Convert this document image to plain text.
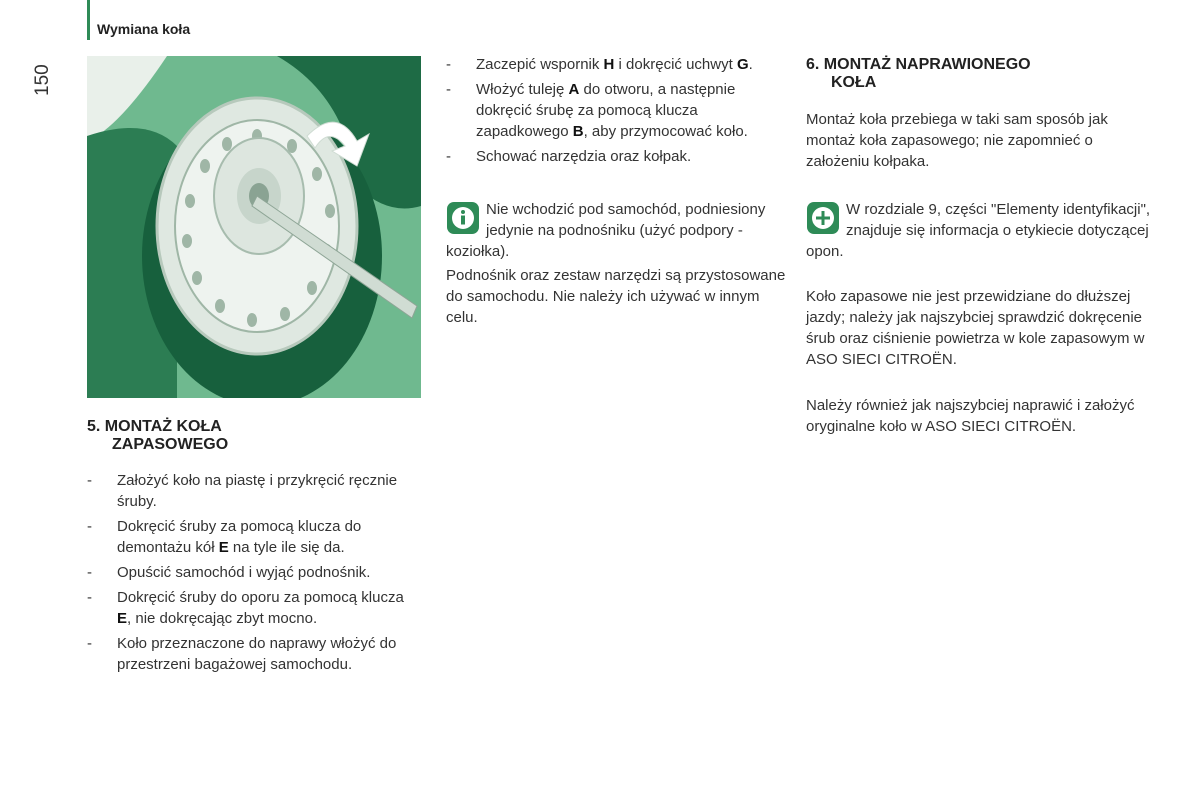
Wymiana koła
150
5. MONTAŻ KOŁA
ZAPASOWEGO
- Założyć koło na piastę i przykręcić ręcznie śruby.
- Dokręcić śruby za pomocą klucza do demontażu kół E na tyle ile się da.
- Opuścić samochód i wyjąć podnośnik.
- Dokręcić śruby do oporu za pomocą klucza E, nie dokręcając zbyt mocno.
- Koło przeznaczone do naprawy włożyć do przestrzeni bagażowej samochodu.
- Zaczepić wspornik H i dokręcić uchwyt G.
- Włożyć tuleję A do otworu, a następnie dokręcić śrubę za pomocą klucza zapadkowego B, aby przymocować koło.
- Schować narzędzia oraz kołpak.
Nie wchodzić pod samochód, podniesiony jedynie na podnośniku (użyć podpory - koziołka).

Podnośnik oraz zestaw narzędzi są przystosowane do samochodu. Nie należy ich używać w innym celu.

6. MONTAŻ NAPRAWIONEGO
KOŁA

Montaż koła przebiega w taki sam sposób jak montaż koła zapasowego; nie zapomnieć o założeniu kołpaka.

W rozdziale 9, części "Elementy identyfikacji", znajduje się informacja o etykiecie dotyczącej opon.

Koło zapasowe nie jest przewidziane do dłuższej jazdy; należy jak najszybciej sprawdzić dokręcenie śrub oraz ciśnienie powietrza w kole zapasowym w ASO SIECI CITROËN.

Należy również jak najszybciej naprawić i założyć oryginalne koło w ASO SIECI CITROËN.
